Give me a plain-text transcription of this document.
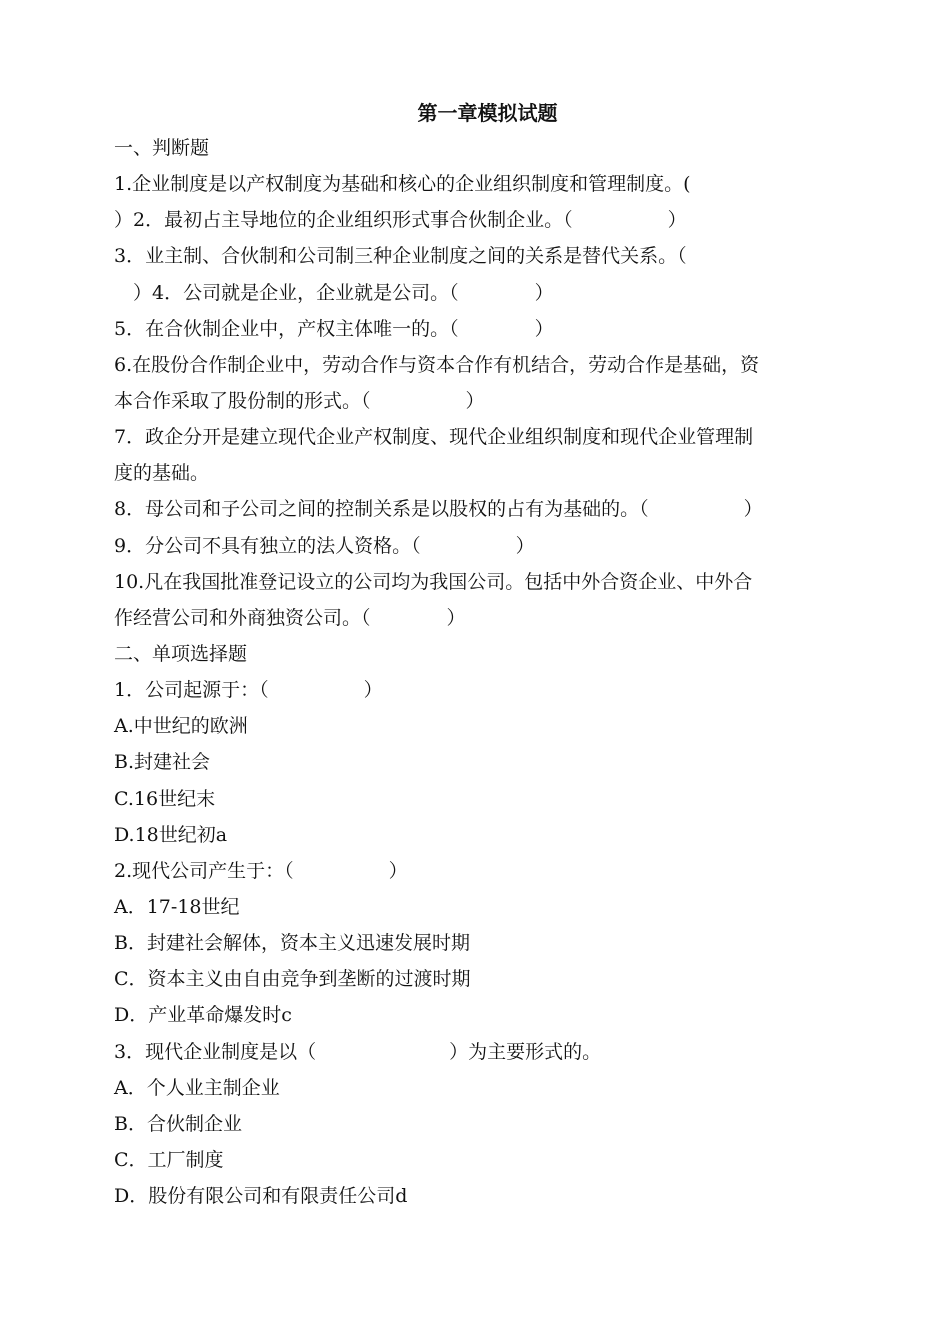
第一章模拟试题
一、判断题
1.企业制度是以产权制度为基础和核心的企业组织制度和管理制度。(
）2．最初占主导地位的企业组织形式事合伙制企业。（　　　　　）
3．业主制、合伙制和公司制三种企业制度之间的关系是替代关系。（
　）4．公司就是企业，企业就是公司。（　　　　）
5．在合伙制企业中，产权主体唯一的。（　　　　）
6.在股份合作制企业中，劳动合作与资本合作有机结合，劳动合作是基础，资
本合作采取了股份制的形式。（　　　　　）
7．政企分开是建立现代企业产权制度、现代企业组织制度和现代企业管理制
度的基础。
8．母公司和子公司之间的控制关系是以股权的占有为基础的。（　　　　　）
9．分公司不具有独立的法人资格。（　　　　　）
10.凡在我国批准登记设立的公司均为我国公司。包括中外合资企业、中外合
作经营公司和外商独资公司。（　　　　）
二、单项选择题
1．公司起源于：（　　　　　）
A.中世纪的欧洲
B.封建社会
C.16世纪末
D.18世纪初a
2.现代公司产生于：（　　　　　）
A．17-18世纪
B．封建社会解体，资本主义迅速发展时期
C．资本主义由自由竞争到垄断的过渡时期
D．产业革命爆发时c
3．现代企业制度是以（　　　　　　　）为主要形式的。
A．个人业主制企业
B．合伙制企业
C．工厂制度
D．股份有限公司和有限责任公司d
